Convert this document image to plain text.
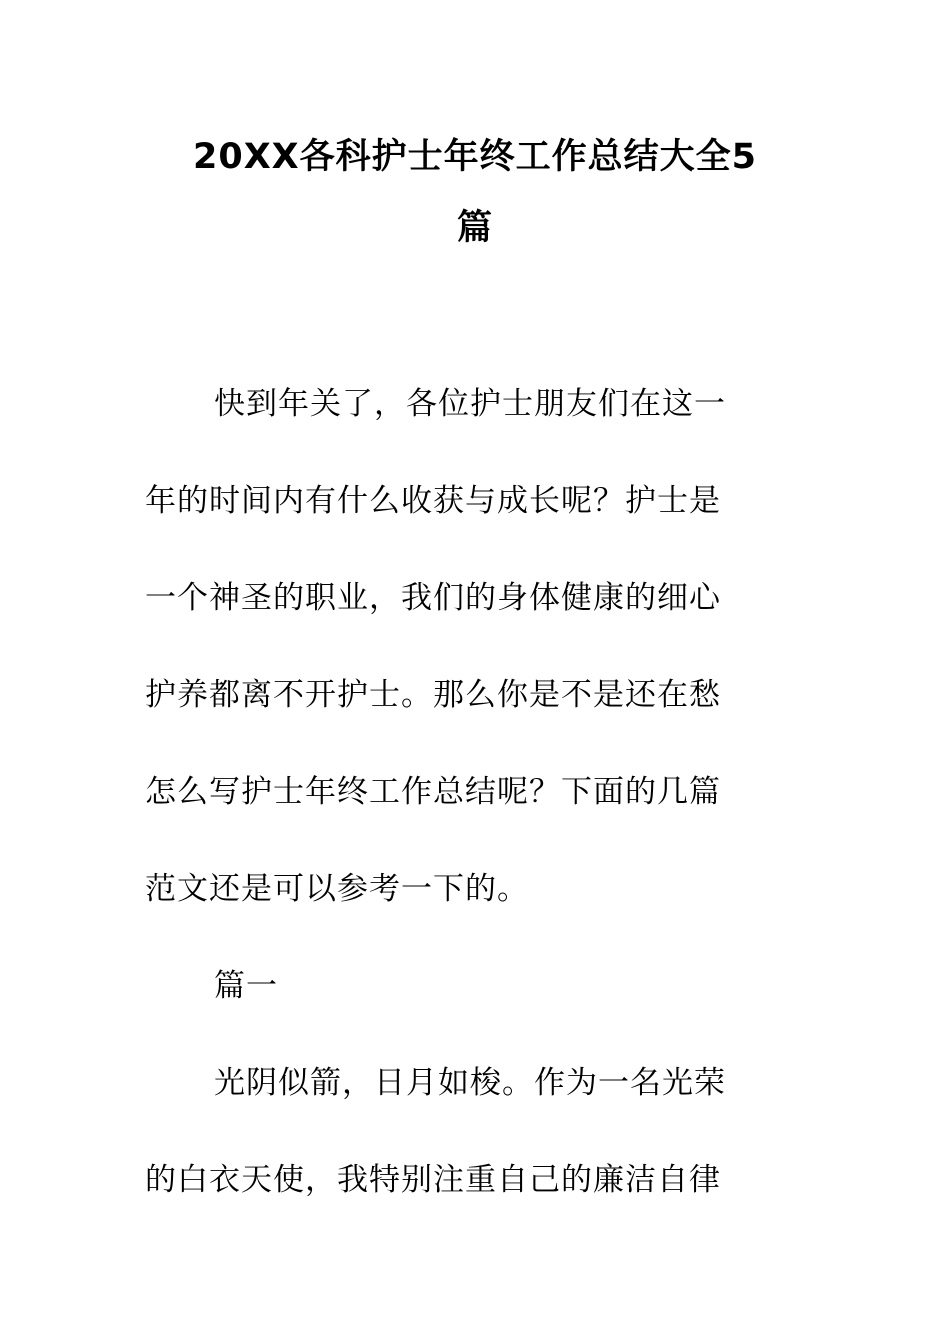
20XX各科护士年终工作总结大全5
篇
快到年关了，各位护士朋友们在这一
年的时间内有什么收获与成长呢？护士是
一个神圣的职业，我们的身体健康的细心
护养都离不开护士。那么你是不是还在愁
怎么写护士年终工作总结呢？下面的几篇
范文还是可以参考一下的。
篇一
光阴似箭，日月如梭。作为一名光荣
的白衣天使，我特别注重自己的廉洁自律
